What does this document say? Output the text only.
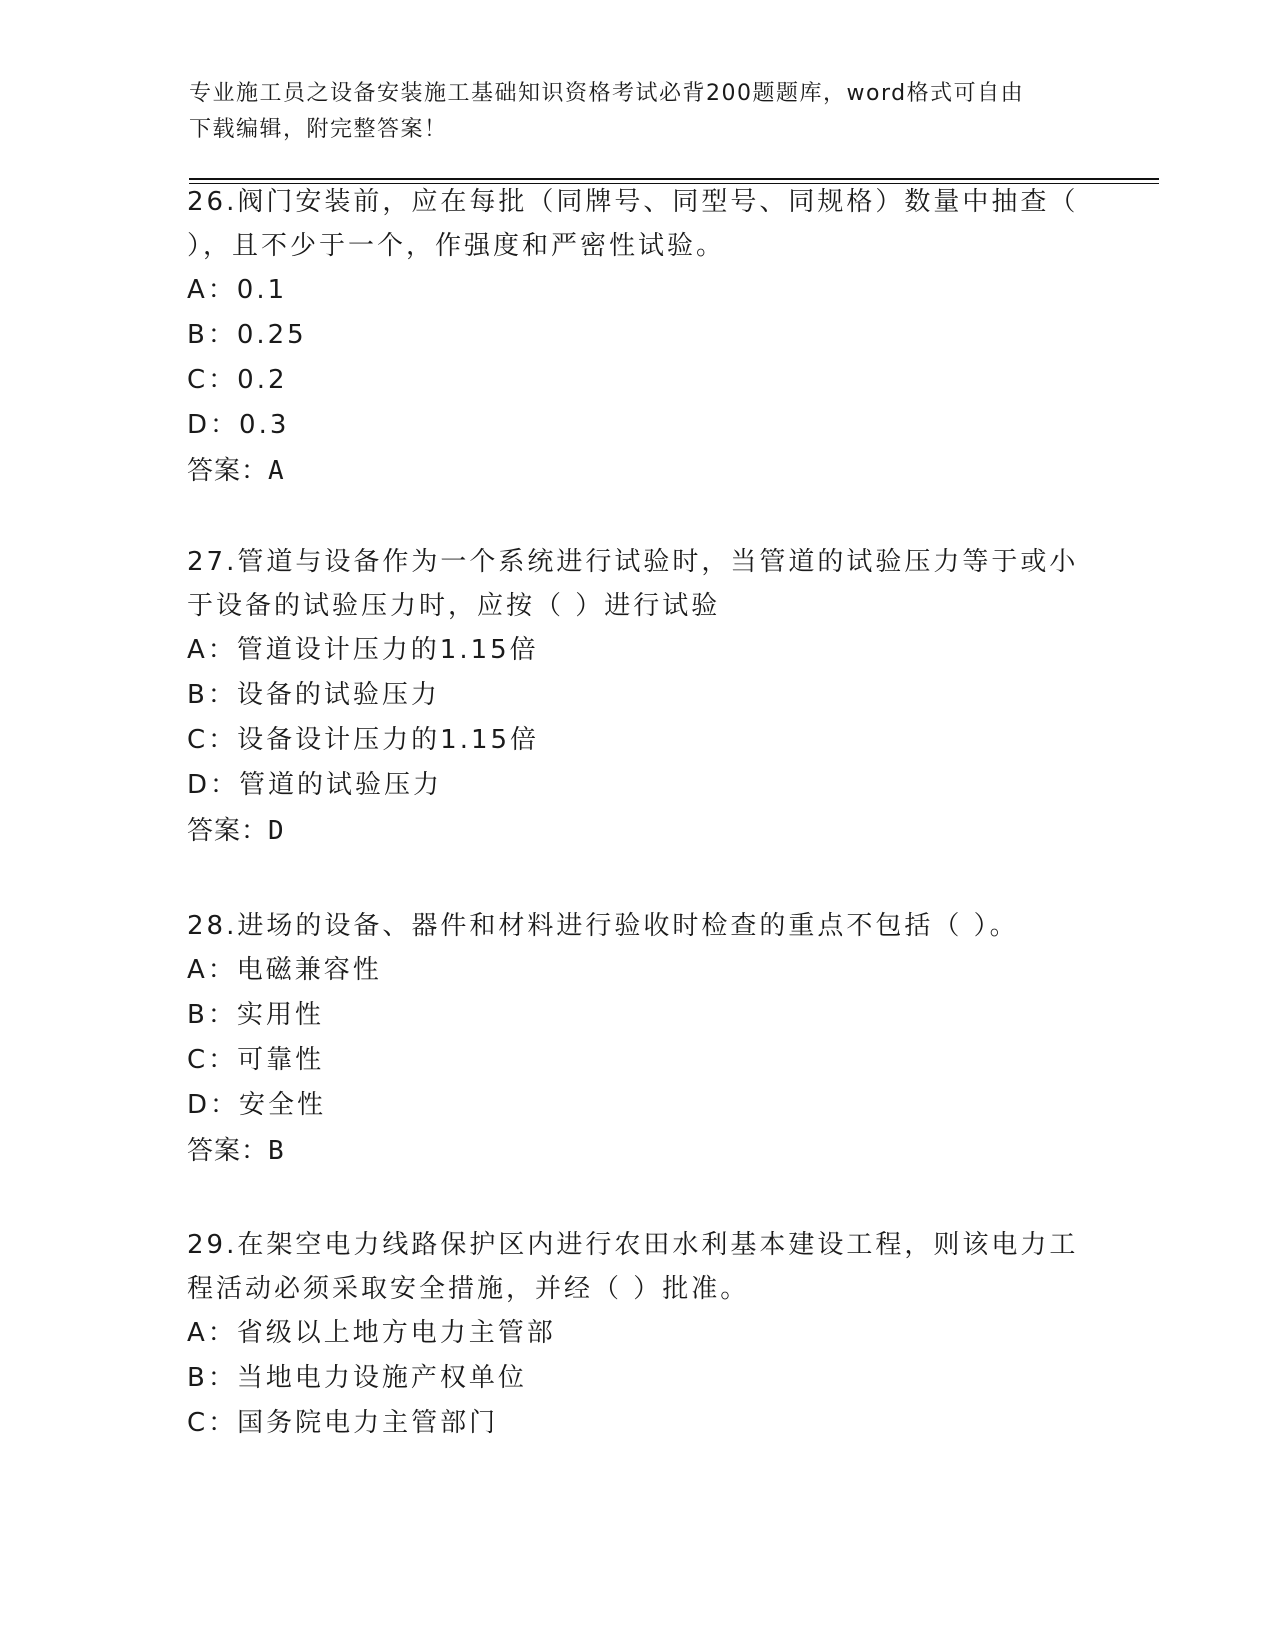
专业施工员之设备安装施工基础知识资格考试必背200题题库，word格式可自由
下载编辑，附完整答案！

26.阀门安装前，应在每批（同牌号、同型号、同规格）数量中抽查（

），且不少于一个，作强度和严密性试验。

A：0.1

B：0.25

C：0.2

D：0.3

答案：A

27.管道与设备作为一个系统进行试验时，当管道的试验压力等于或小

于设备的试验压力时，应按（ ）进行试验

A：管道设计压力的1.15倍

B：设备的试验压力

C：设备设计压力的1.15倍

D：管道的试验压力

答案：D

28.进场的设备、器件和材料进行验收时检查的重点不包括（ ）。

A：电磁兼容性

B：实用性

C：可靠性

D：安全性

答案：B

29.在架空电力线路保护区内进行农田水利基本建设工程，则该电力工

程活动必须采取安全措施，并经（ ）批准。

A：省级以上地方电力主管部

B：当地电力设施产权单位

C：国务院电力主管部门
